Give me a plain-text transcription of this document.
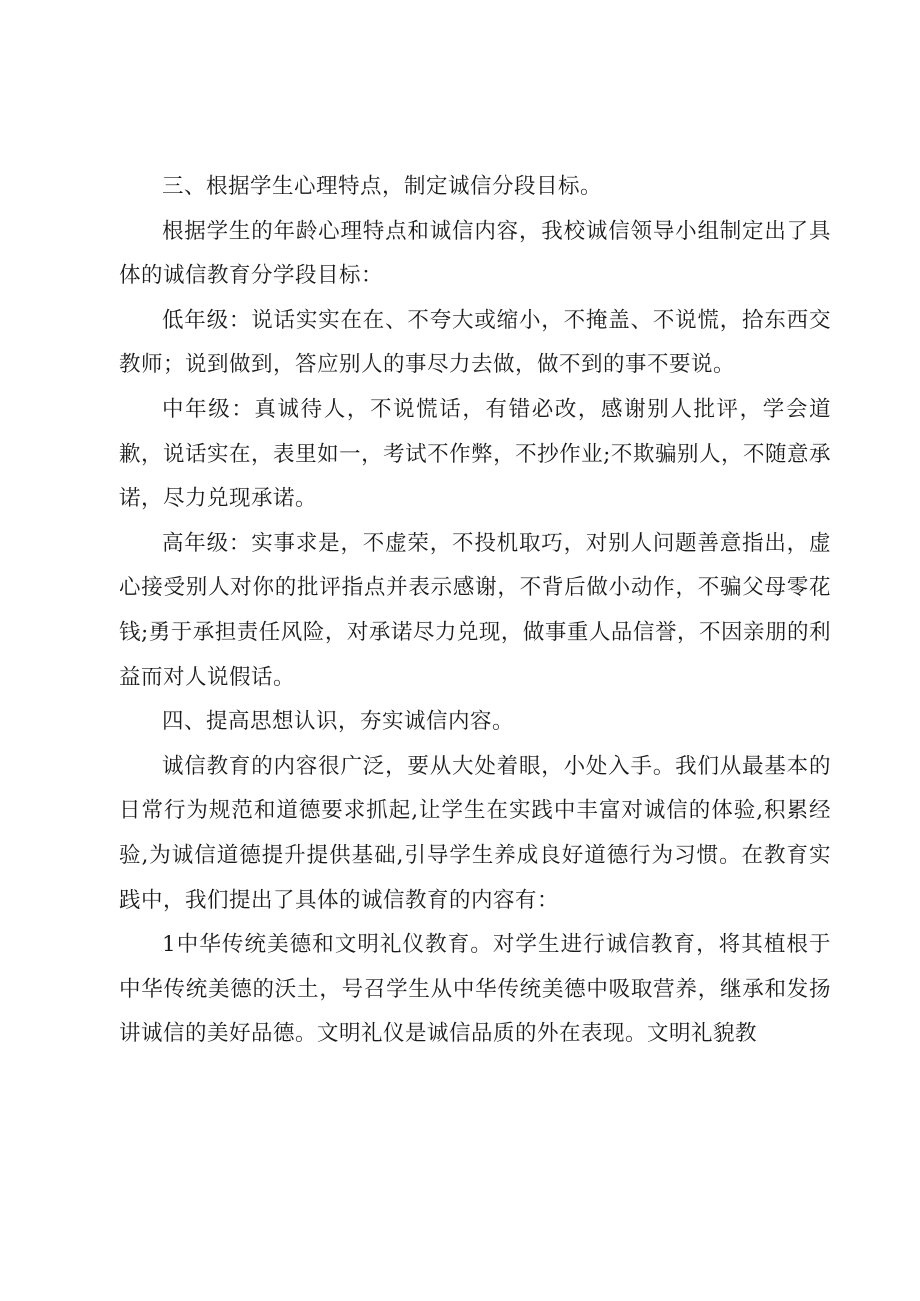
三、根据学生心理特点，制定诚信分段目标。

根据学生的年龄心理特点和诚信内容，我校诚信领导小组制定出了具体的诚信教育分学段目标：

低年级：说话实实在在、不夸大或缩小，不掩盖、不说慌，拾东西交教师；说到做到，答应别人的事尽力去做，做不到的事不要说。

中年级：真诚待人，不说慌话，有错必改，感谢别人批评，学会道歉，说话实在，表里如一，考试不作弊，不抄作业;不欺骗别人，不随意承诺，尽力兑现承诺。

高年级：实事求是，不虚荣，不投机取巧，对别人问题善意指出，虚心接受别人对你的批评指点并表示感谢，不背后做小动作，不骗父母零花钱;勇于承担责任风险，对承诺尽力兑现，做事重人品信誉，不因亲朋的利益而对人说假话。

四、提高思想认识，夯实诚信内容。

诚信教育的内容很广泛，要从大处着眼，小处入手。我们从最基本的日常行为规范和道德要求抓起,让学生在实践中丰富对诚信的体验,积累经验,为诚信道德提升提供基础,引导学生养成良好道德行为习惯。在教育实践中，我们提出了具体的诚信教育的内容有：

1中华传统美德和文明礼仪教育。对学生进行诚信教育，将其植根于中华传统美德的沃土，号召学生从中华传统美德中吸取营养，继承和发扬讲诚信的美好品德。文明礼仪是诚信品质的外在表现。文明礼貌教
